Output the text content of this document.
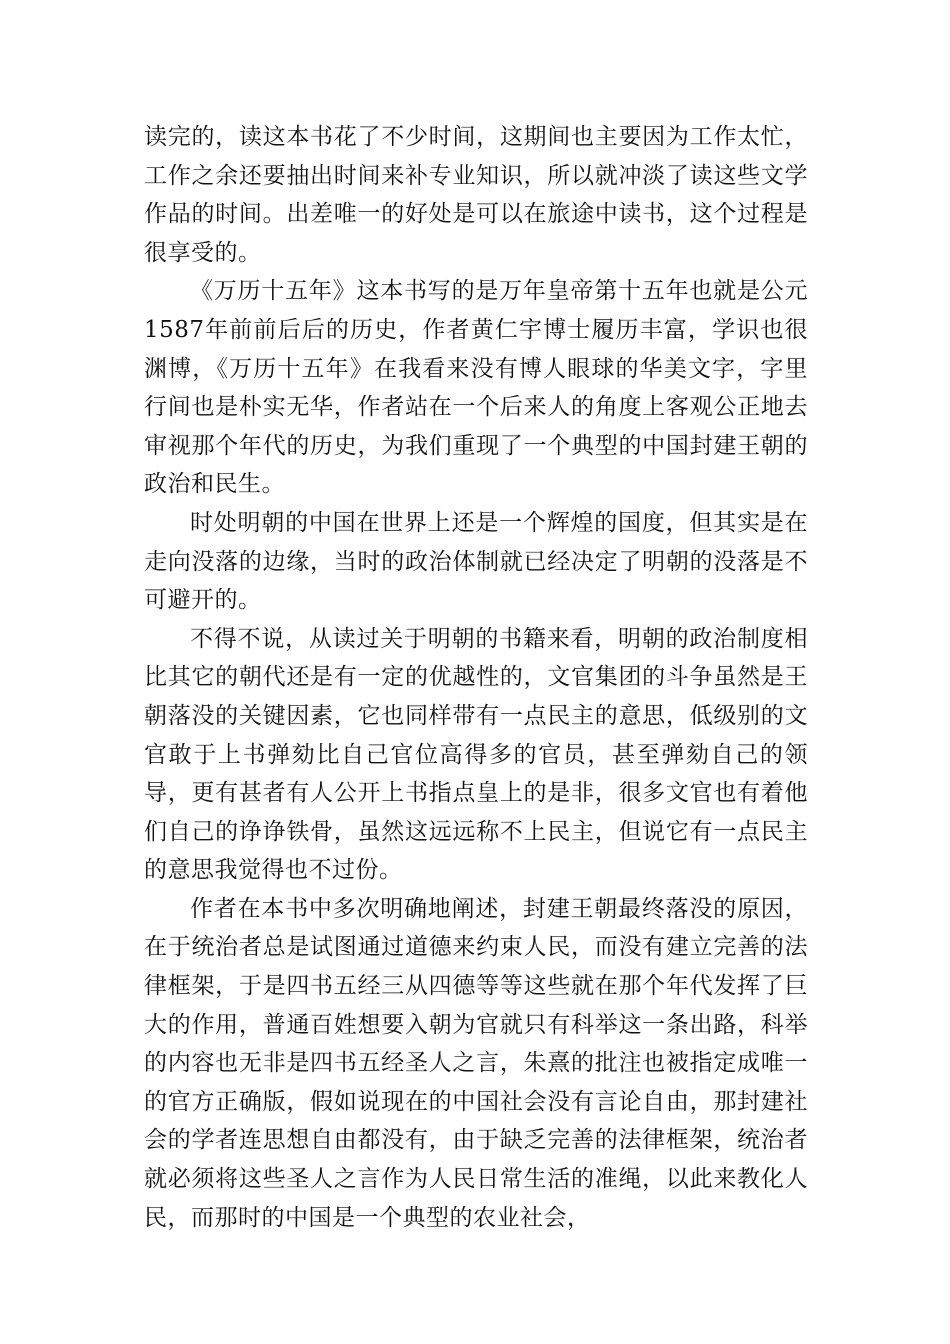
读完的，读这本书花了不少时间，这期间也主要因为工作太忙，工作之余还要抽出时间来补专业知识，所以就冲淡了读这些文学作品的时间。出差唯一的好处是可以在旅途中读书，这个过程是很享受的。

《万历十五年》这本书写的是万年皇帝第十五年也就是公元1587年前前后后的历史，作者黄仁宇博士履历丰富，学识也很渊博，《万历十五年》在我看来没有博人眼球的华美文字，字里行间也是朴实无华，作者站在一个后来人的角度上客观公正地去审视那个年代的历史，为我们重现了一个典型的中国封建王朝的政治和民生。

时处明朝的中国在世界上还是一个辉煌的国度，但其实是在走向没落的边缘，当时的政治体制就已经决定了明朝的没落是不可避开的。

不得不说，从读过关于明朝的书籍来看，明朝的政治制度相比其它的朝代还是有一定的优越性的，文官集团的斗争虽然是王朝落没的关键因素，它也同样带有一点民主的意思，低级别的文官敢于上书弹劾比自己官位高得多的官员，甚至弹劾自己的领导，更有甚者有人公开上书指点皇上的是非，很多文官也有着他们自己的诤诤铁骨，虽然这远远称不上民主，但说它有一点民主的意思我觉得也不过份。

作者在本书中多次明确地阐述，封建王朝最终落没的原因，在于统治者总是试图通过道德来约束人民，而没有建立完善的法律框架，于是四书五经三从四德等等这些就在那个年代发挥了巨大的作用，普通百姓想要入朝为官就只有科举这一条出路，科举的内容也无非是四书五经圣人之言，朱熹的批注也被指定成唯一的官方正确版，假如说现在的中国社会没有言论自由，那封建社会的学者连思想自由都没有，由于缺乏完善的法律框架，统治者就必须将这些圣人之言作为人民日常生活的准绳，以此来教化人民，而那时的中国是一个典型的农业社会，
